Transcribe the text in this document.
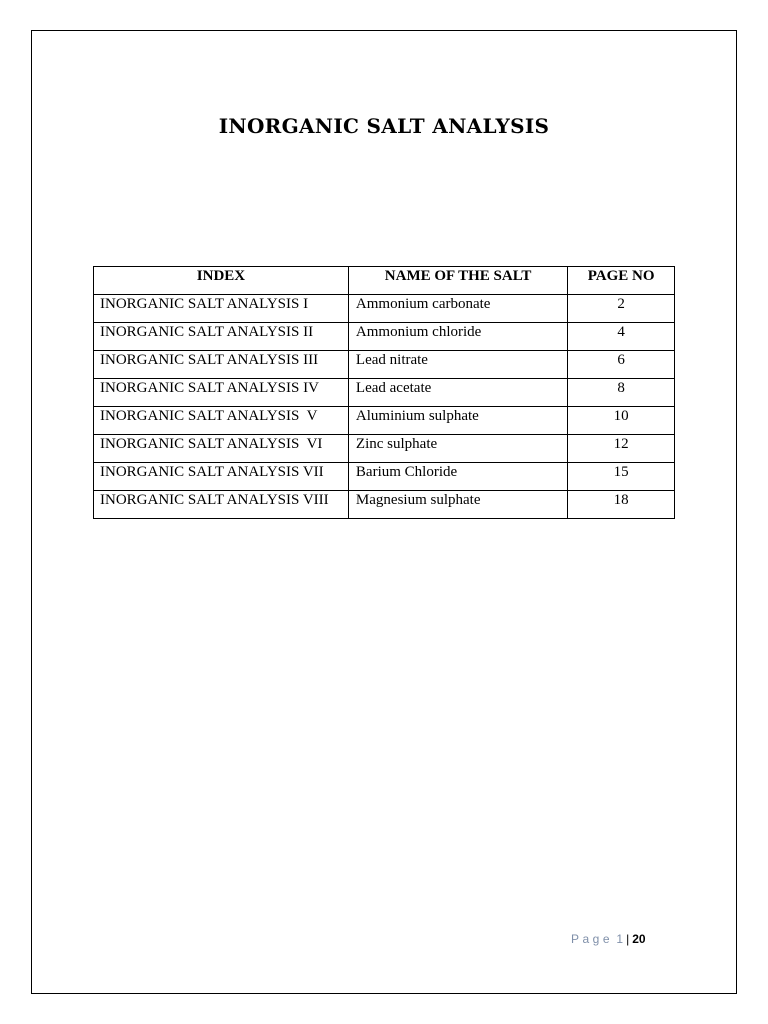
INORGANIC SALT ANALYSIS
INDEX	NAME OF THE SALT	PAGE NO
INORGANIC SALT ANALYSIS I	Ammonium carbonate	2
INORGANIC SALT ANALYSIS II	Ammonium chloride	4
INORGANIC SALT ANALYSIS III	Lead nitrate	6
INORGANIC SALT ANALYSIS IV	Lead acetate	8
INORGANIC SALT ANALYSIS  V	Aluminium sulphate	10
INORGANIC SALT ANALYSIS  VI	Zinc sulphate	12
INORGANIC SALT ANALYSIS VII	Barium Chloride	15
INORGANIC SALT ANALYSIS VIII	Magnesium sulphate	18
Page 1 | 20
